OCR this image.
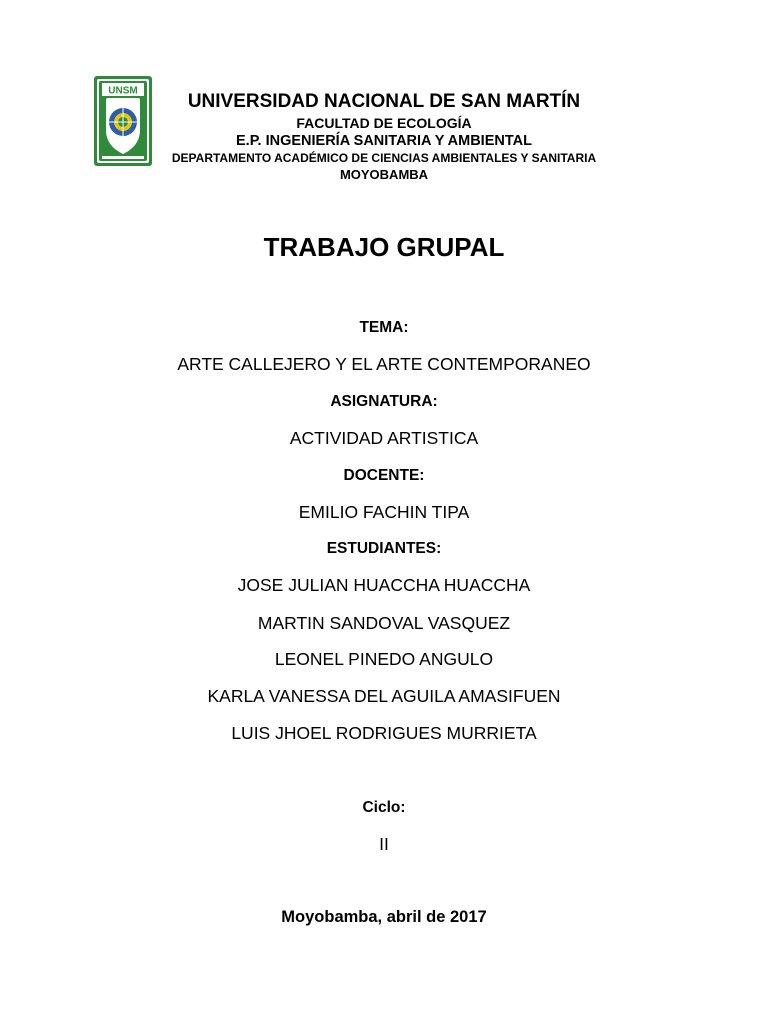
UNSM	UNIVERSIDAD NACIONAL DE SAN MARTÍN
FACULTAD DE ECOLOGÍA
E.P. INGENIERÍA SANITARIA Y AMBIENTAL
DEPARTAMENTO ACADÉMICO DE CIENCIAS AMBIENTALES Y SANITARIA
MOYOBAMBA
TRABAJO GRUPAL
TEMA:
ARTE CALLEJERO Y EL ARTE CONTEMPORANEO
ASIGNATURA:
ACTIVIDAD ARTISTICA
DOCENTE:
EMILIO FACHIN TIPA
ESTUDIANTES:
JOSE JULIAN HUACCHA HUACCHA
MARTIN SANDOVAL VASQUEZ
LEONEL PINEDO ANGULO
KARLA VANESSA DEL AGUILA AMASIFUEN
LUIS JHOEL RODRIGUES MURRIETA
Ciclo:
II
Moyobamba, abril de 2017
